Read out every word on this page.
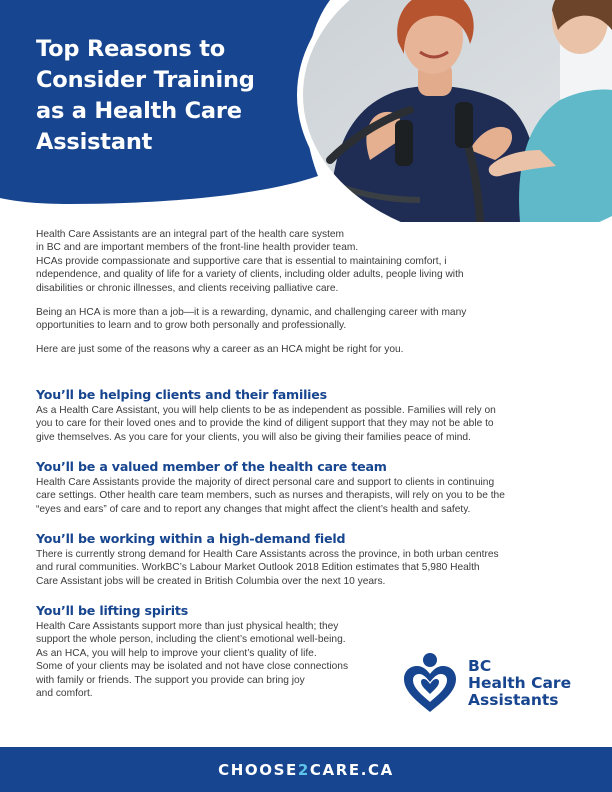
Top Reasons to
Consider Training
as a Health Care
Assistant

Health Care Assistants are an integral part of the health care system
in BC and are important members of the front-line health provider team.
HCAs provide compassionate and supportive care that is essential to maintaining comfort, i
ndependence, and quality of life for a variety of clients, including older adults, people living with
disabilities or chronic illnesses, and clients receiving palliative care.

Being an HCA is more than a job—it is a rewarding, dynamic, and challenging career with many
opportunities to learn and to grow both personally and professionally.

Here are just some of the reasons why a career as an HCA might be right for you.

You’ll be helping clients and their families
As a Health Care Assistant, you will help clients to be as independent as possible. Families will rely on
you to care for their loved ones and to provide the kind of diligent support that they may not be able to
give themselves. As you care for your clients, you will also be giving their families peace of mind.
You’ll be a valued member of the health care team
Health Care Assistants provide the majority of direct personal care and support to clients in continuing
care settings. Other health care team members, such as nurses and therapists, will rely on you to be the
“eyes and ears” of care and to report any changes that might affect the client’s health and safety.
You’ll be working within a high-demand field
There is currently strong demand for Health Care Assistants across the province, in both urban centres
and rural communities. WorkBC’s Labour Market Outlook 2018 Edition estimates that 5,980 Health
Care Assistant jobs will be created in British Columbia over the next 10 years.
You’ll be lifting spirits
Health Care Assistants support more than just physical health; they
support the whole person, including the client’s emotional well-being.
As an HCA, you will help to improve your client’s quality of life.
Some of your clients may be isolated and not have close connections
with family or friends. The support you provide can bring joy
and comfort.
BC
Health Care
Assistants
CHOOSE2CARE.CA
